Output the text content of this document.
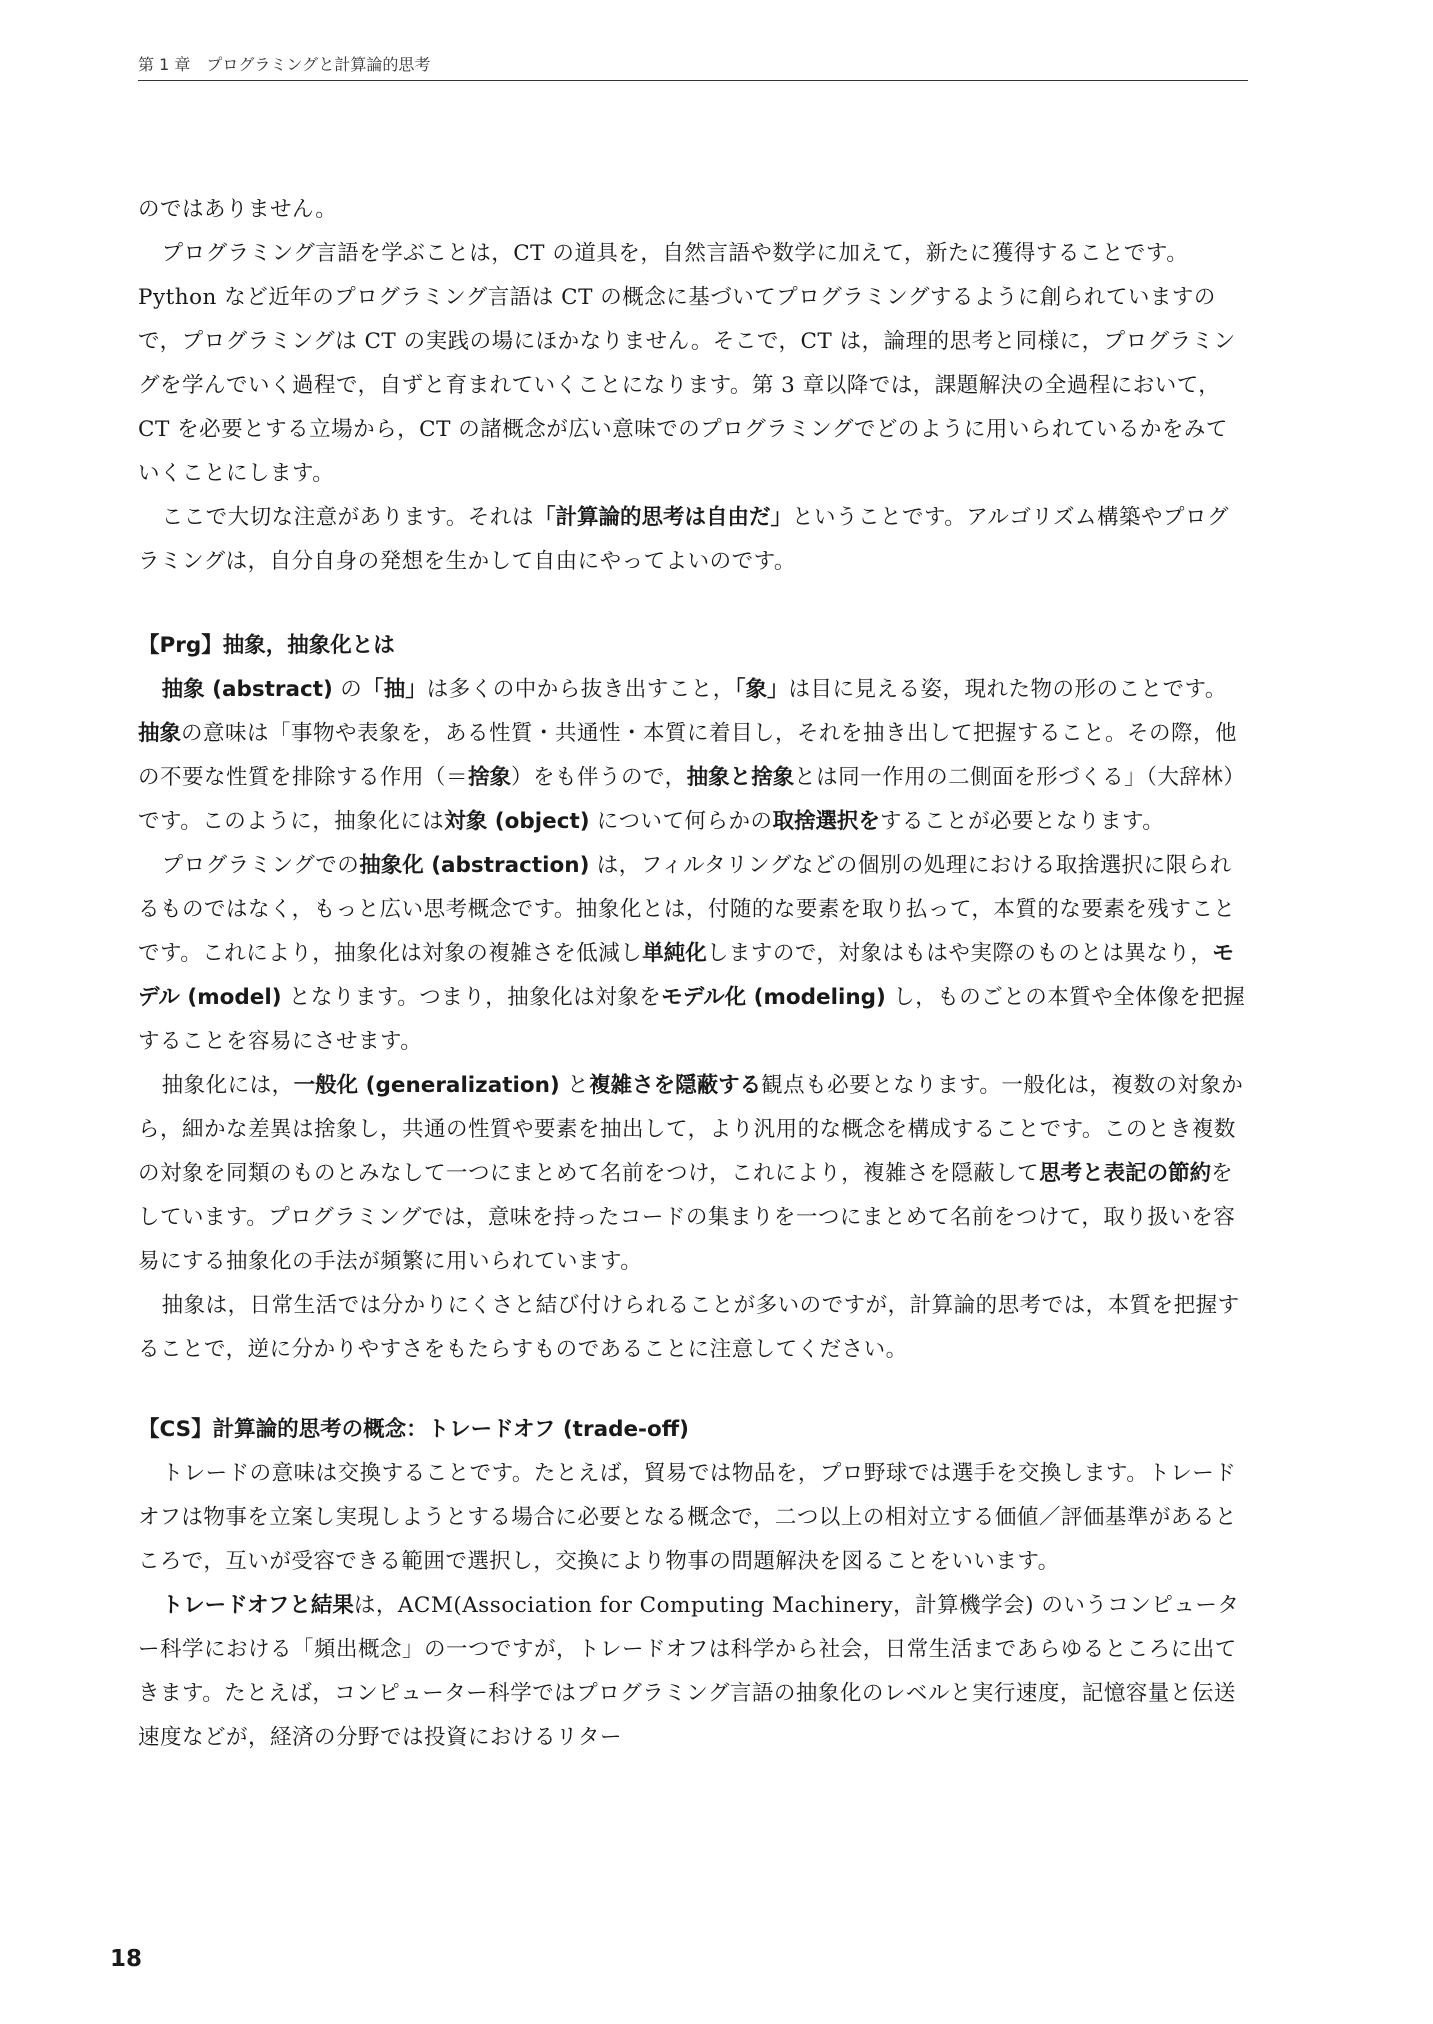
第 1 章　プログラミングと計算論的思考

のではありません。

プログラミング言語を学ぶことは，CT の道具を，自然言語や数学に加えて，新たに獲得することです。Python など近年のプログラミング言語は CT の概念に基づいてプログラミングするように創られていますので，プログラミングは CT の実践の場にほかなりません。そこで，CT は，論理的思考と同様に，プログラミングを学んでいく過程で，自ずと育まれていくことになります。第 3 章以降では，課題解決の全過程において，CT を必要とする立場から，CT の諸概念が広い意味でのプログラミングでどのように用いられているかをみていくことにします。

ここで大切な注意があります。それは「計算論的思考は自由だ」ということです。アルゴリズム構築やプログラミングは，自分自身の発想を生かして自由にやってよいのです。

【Prg】抽象，抽象化とは

抽象 (abstract) の「抽」は多くの中から抜き出すこと，「象」は目に見える姿，現れた物の形のことです。抽象の意味は「事物や表象を，ある性質・共通性・本質に着目し，それを抽き出して把握すること。その際，他の不要な性質を排除する作用（＝捨象）をも伴うので，抽象と捨象とは同一作用の二側面を形づくる」（大辞林）です。このように，抽象化には対象 (object) について何らかの取捨選択をすることが必要となります。

プログラミングでの抽象化 (abstraction) は，フィルタリングなどの個別の処理における取捨選択に限られるものではなく，もっと広い思考概念です。抽象化とは，付随的な要素を取り払って，本質的な要素を残すことです。これにより，抽象化は対象の複雑さを低減し単純化しますので，対象はもはや実際のものとは異なり，モデル (model) となります。つまり，抽象化は対象をモデル化 (modeling) し，ものごとの本質や全体像を把握することを容易にさせます。

抽象化には，一般化 (generalization) と複雑さを隠蔽する観点も必要となります。一般化は，複数の対象から，細かな差異は捨象し，共通の性質や要素を抽出して，より汎用的な概念を構成することです。このとき複数の対象を同類のものとみなして一つにまとめて名前をつけ，これにより，複雑さを隠蔽して思考と表記の節約をしています。プログラミングでは，意味を持ったコードの集まりを一つにまとめて名前をつけて，取り扱いを容易にする抽象化の手法が頻繁に用いられています。

抽象は，日常生活では分かりにくさと結び付けられることが多いのですが，計算論的思考では，本質を把握することで，逆に分かりやすさをもたらすものであることに注意してください。

【CS】計算論的思考の概念：トレードオフ (trade-off)

トレードの意味は交換することです。たとえば，貿易では物品を，プロ野球では選手を交換します。トレードオフは物事を立案し実現しようとする場合に必要となる概念で，二つ以上の相対立する価値／評価基準があるところで，互いが受容できる範囲で選択し，交換により物事の問題解決を図ることをいいます。

トレードオフと結果は，ACM(Association for Computing Machinery，計算機学会) のいうコンピューター科学における「頻出概念」の一つですが，トレードオフは科学から社会，日常生活まであらゆるところに出てきます。たとえば，コンピューター科学ではプログラミング言語の抽象化のレベルと実行速度，記憶容量と伝送速度などが，経済の分野では投資におけるリター

18
